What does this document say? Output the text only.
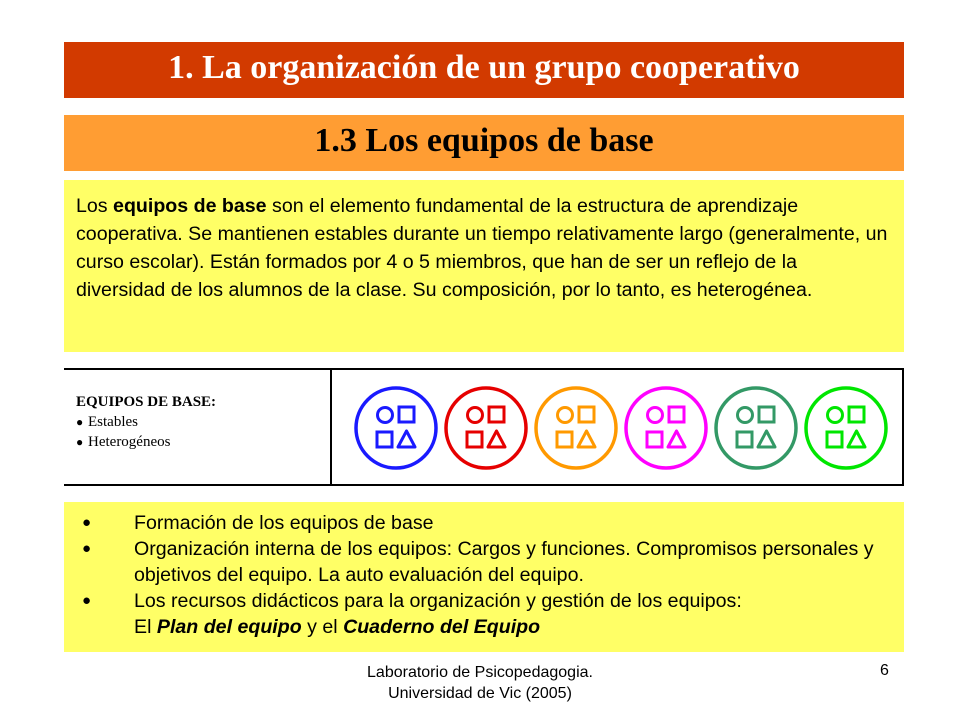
1. La organización de un grupo cooperativo
1.3 Los equipos de base
Los equipos de base son el elemento fundamental de la estructura de aprendizaje cooperativa. Se mantienen estables durante un tiempo relativamente largo (generalmente, un curso escolar). Están formados por 4 o 5 miembros, que han de ser un reflejo de la diversidad de los alumnos de la clase. Su composición, por lo tanto, es heterogénea.
EQUIPOS DE BASE:
● Estables
● Heterogéneos
●	Formación de los equipos de base
●	Organización interna de los equipos: Cargos y funciones. Compromisos personales y objetivos del equipo. La auto evaluación del equipo.
●	Los recursos didácticos para la organización y gestión de los equipos:
El Plan del equipo y el Cuaderno del Equipo
Laboratorio de Psicopedagogia.
Universidad de Vic (2005)
6
